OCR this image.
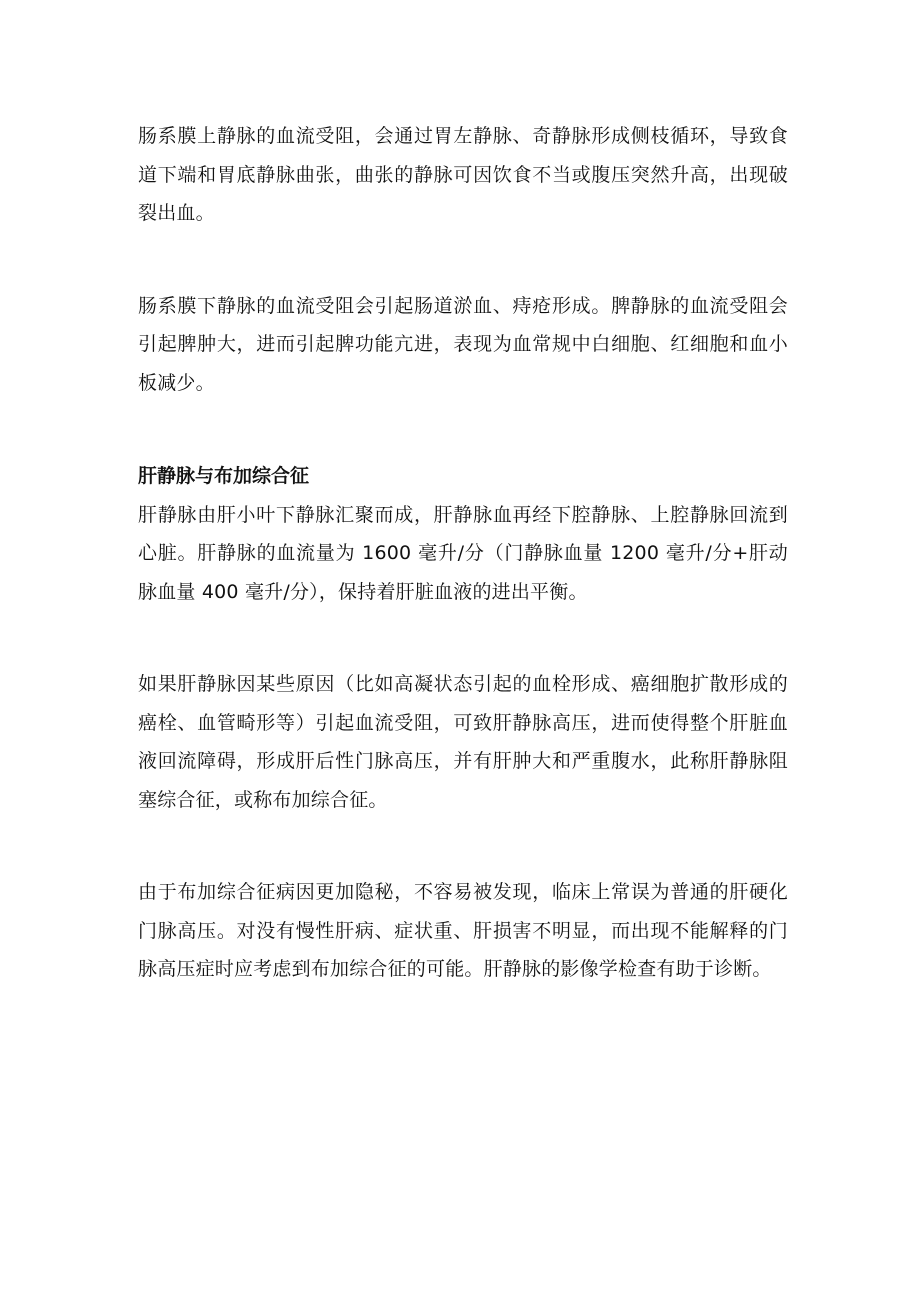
肠系膜上静脉的血流受阻，会通过胃左静脉、奇静脉形成侧枝循环，导致食道下端和胃底静脉曲张，曲张的静脉可因饮食不当或腹压突然升高，出现破裂出血。

肠系膜下静脉的血流受阻会引起肠道淤血、痔疮形成。脾静脉的血流受阻会引起脾肿大，进而引起脾功能亢进，表现为血常规中白细胞、红细胞和血小板减少。

肝静脉与布加综合征

肝静脉由肝小叶下静脉汇聚而成，肝静脉血再经下腔静脉、上腔静脉回流到心脏。肝静脉的血流量为 1600 毫升/分（门静脉血量 1200 毫升/分+肝动脉血量 400 毫升/分），保持着肝脏血液的进出平衡。

如果肝静脉因某些原因（比如高凝状态引起的血栓形成、癌细胞扩散形成的癌栓、血管畸形等）引起血流受阻，可致肝静脉高压，进而使得整个肝脏血液回流障碍，形成肝后性门脉高压，并有肝肿大和严重腹水，此称肝静脉阻塞综合征，或称布加综合征。

由于布加综合征病因更加隐秘，不容易被发现，临床上常误为普通的肝硬化门脉高压。对没有慢性肝病、症状重、肝损害不明显，而出现不能解释的门脉高压症时应考虑到布加综合征的可能。肝静脉的影像学检查有助于诊断。
